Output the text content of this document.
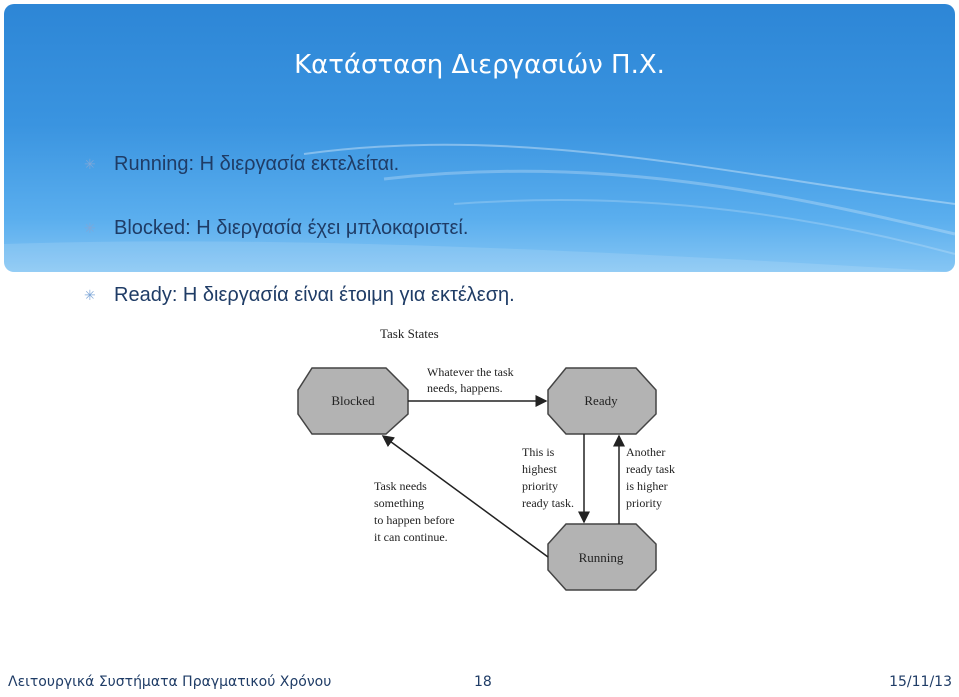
Κατάσταση Διεργασιών Π.Χ.
✳ Running: Η διεργασία εκτελείται.
✳ Blocked: Η διεργασία έχει μπλοκαριστεί.
✳ Ready: Η διεργασία είναι έτοιμη για εκτέλεση.
Task States
Blocked	Ready
Running
Whatever the task needs, happens.
This is highest priority ready task.
Another ready task is higher priority
Task needs something to happen before it can continue.
Λειτουργικά Συστήματα Πραγματικού Χρόνου	18	15/11/13
